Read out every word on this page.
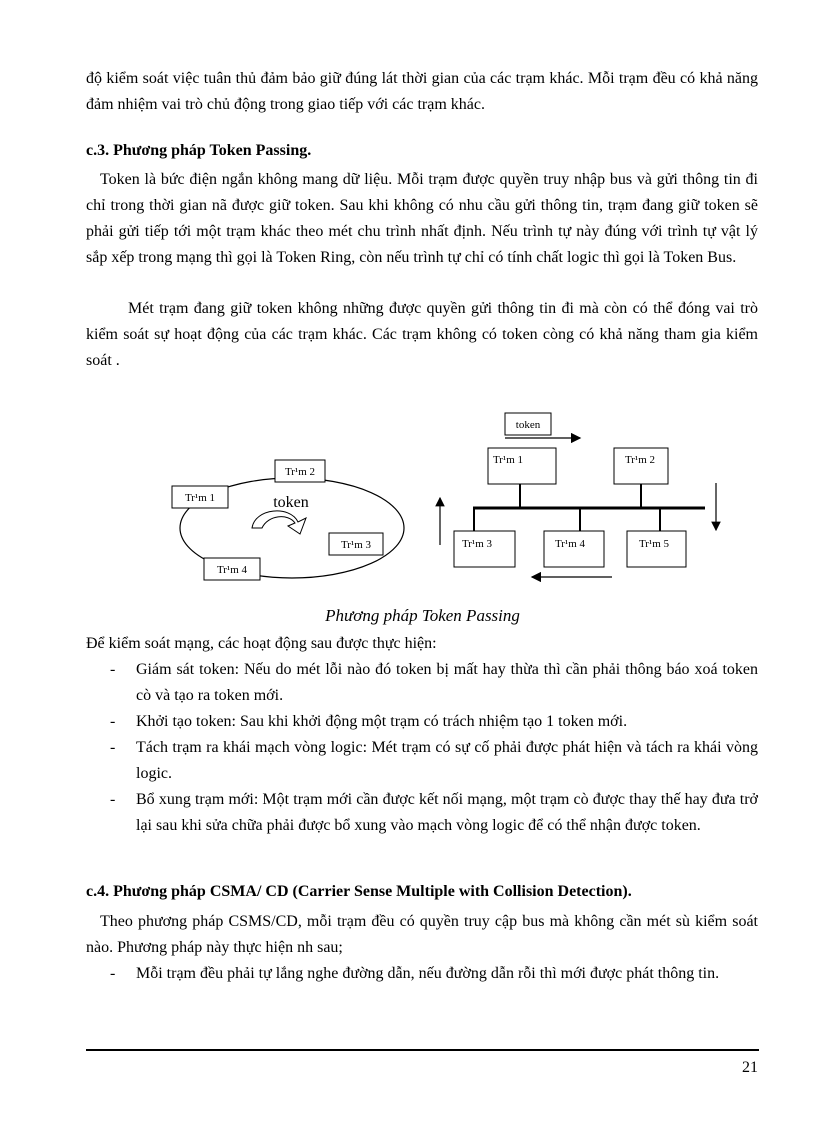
độ kiểm soát việc tuân thủ đảm bảo giữ đúng lát thời gian của các trạm khác. Mỗi trạm đều có khả năng đảm nhiệm vai trò chủ động trong giao tiếp với các trạm khác.

c.3. Phương pháp Token Passing.

Token là bức điện ngắn không mang dữ liệu. Mỗi trạm được quyền truy nhập bus và gửi thông tin đi chỉ trong thời gian nã được giữ token. Sau khi không có nhu cầu gửi thông tin, trạm đang giữ token sẽ phải gửi tiếp tới một trạm khác theo mét chu trình nhất định. Nếu trình tự này đúng với trình tự vật lý sắp xếp trong mạng thì gọi là Token Ring, còn nếu trình tự chỉ có tính chất logic thì gọi là Token Bus.

Mét trạm đang giữ token không những được quyền gửi thông tin đi mà còn có thể đóng vai trò kiểm soát sự hoạt động của các trạm khác. Các trạm không có token còng có khả năng tham gia kiểm soát .

Tr¹m 1
Tr¹m 2
Tr¹m 3
Tr¹m 4
token
token
Tr¹m 1	Tr¹m 2
Tr¹m 3	Tr¹m 4	Tr¹m 5
Phương pháp Token Passing

Để kiểm soát mạng, các hoạt động sau được thực hiện:

- Giám sát token: Nếu do mét lỗi nào đó token bị mất hay thừa thì cần phải thông báo xoá token cò và tạo ra token mới.
- Khởi tạo token: Sau khi khởi động một trạm có trách nhiệm tạo 1 token mới.
- Tách trạm ra khái mạch vòng logic: Mét trạm có sự cố phải được phát hiện và tách ra khái vòng logic.
- Bổ xung trạm mới: Một trạm mới cần được kết nối mạng, một trạm cò được thay thế hay đưa trở lại sau khi sửa chữa phải được bổ xung vào mạch vòng logic để có thể nhận được token.
c.4. Phương pháp CSMA/ CD (Carrier Sense Multiple with Collision Detection).

Theo phương pháp CSMS/CD, mỗi trạm đều có quyền truy cập bus mà không cần mét sù kiểm soát nào. Phương pháp này thực hiện nh sau;

- Mỗi trạm đều phải tự lắng nghe đường dẫn, nếu đường dẫn rỗi thì mới được phát thông tin.
21
